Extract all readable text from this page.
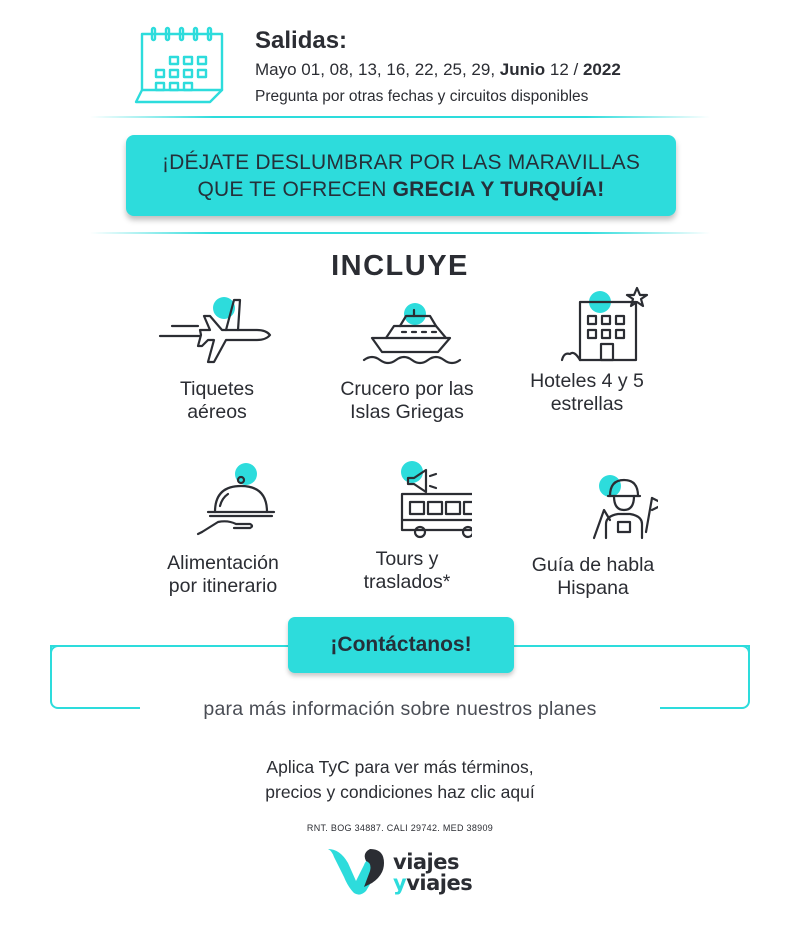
Salidas:
Mayo 01, 08, 13, 16, 22, 25, 29, Junio 12 / 2022
Pregunta por otras fechas y circuitos disponibles
¡DÉJATE DESLUMBRAR POR LAS MARAVILLAS
QUE TE OFRECEN GRECIA Y TURQUÍA!
INCLUYE
Tiquetes
aéreos
Crucero por las
Islas Griegas
Hoteles 4 y 5
estrellas
Alimentación
por itinerario
Tours y
traslados*
Guía de habla
Hispana
¡Contáctanos!
para más información sobre nuestros planes
Aplica TyC para ver más términos,
precios y condiciones haz clic aquí
RNT. BOG 34887. CALI 29742. MED 38909
viajes
yviajes
